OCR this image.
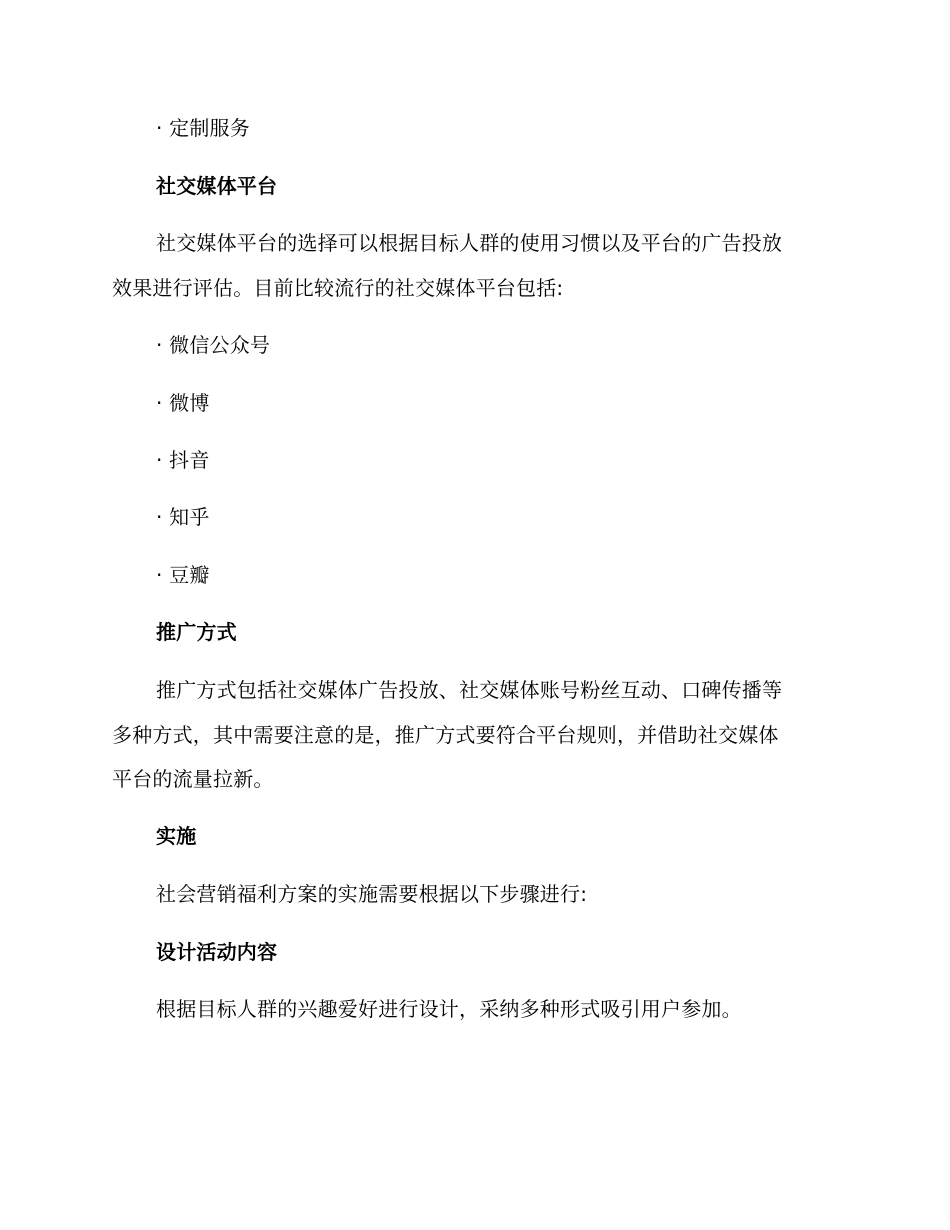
· 定制服务
社交媒体平台
社交媒体平台的选择可以根据目标人群的使用习惯以及平台的广告投放
效果进行评估。目前比较流行的社交媒体平台包括:
· 微信公众号
· 微博
· 抖音
· 知乎
· 豆瓣
推广方式
推广方式包括社交媒体广告投放、社交媒体账号粉丝互动、口碑传播等
多种方式，其中需要注意的是，推广方式要符合平台规则，并借助社交媒体
平台的流量拉新。
实施
社会营销福利方案的实施需要根据以下步骤进行:
设计活动内容
根据目标人群的兴趣爱好进行设计，采纳多种形式吸引用户参加。
